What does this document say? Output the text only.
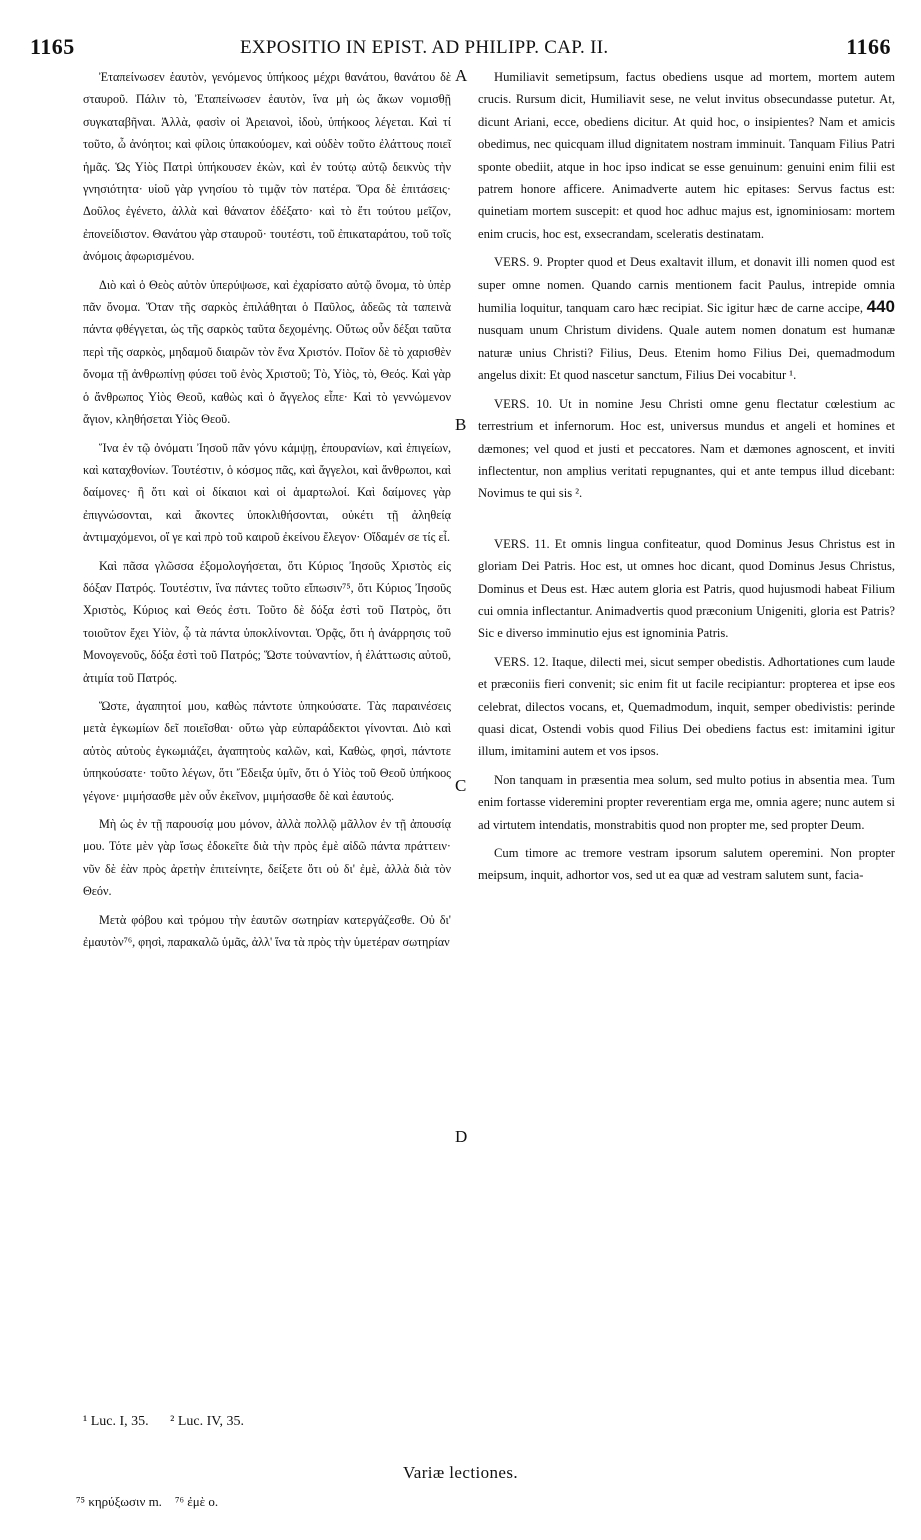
1165	EXPOSITIO IN EPIST. AD PHILIPP. CAP. II.	1166
A
B
C
D

Ἐταπείνωσεν ἑαυτὸν, γενόμενος ὑπήκοος μέχρι θανάτου, θανάτου δὲ σταυροῦ. Πάλιν τὸ, Ἐταπείνωσεν ἑαυτὸν, ἵνα μὴ ὡς ἄκων νομισθῇ συγκαταβῆναι. Ἀλλὰ, φασὶν οἱ Ἀρειανοὶ, ἰδοὺ, ὑπήκοος λέγεται. Καὶ τί τοῦτο, ὦ ἀνόητοι; καὶ φίλοις ὑπακούομεν, καὶ οὐδὲν τοῦτο ἐλάττους ποιεῖ ἡμᾶς. Ὡς Υἱὸς Πατρὶ ὑπήκουσεν ἑκὼν, καὶ ἐν τούτῳ αὐτῷ δεικνὺς τὴν γνησιότητα· υἱοῦ γὰρ γνησίου τὸ τιμᾷν τὸν πατέρα. Ὅρα δὲ ἐπιτάσεις· Δοῦλος ἐγένετο, ἀλλὰ καὶ θάνατον ἐδέξατο· καὶ τὸ ἔτι τούτου μεῖζον, ἐπονείδιστον. Θανάτου γὰρ σταυροῦ· τουτέστι, τοῦ ἐπικαταράτου, τοῦ τοῖς ἀνόμοις ἀφωρισμένου.

Διὸ καὶ ὁ Θεὸς αὐτὸν ὑπερύψωσε, καὶ ἐχαρίσατο αὐτῷ ὄνομα, τὸ ὑπὲρ πᾶν ὄνομα. Ὅταν τῆς σαρκὸς ἐπιλάθηται ὁ Παῦλος, ἀδεῶς τὰ ταπεινὰ πάντα φθέγγεται, ὡς τῆς σαρκὸς ταῦτα δεχομένης. Οὕτως οὖν δέξαι ταῦτα περὶ τῆς σαρκὸς, μηδαμοῦ διαιρῶν τὸν ἕνα Χριστόν. Ποῖον δὲ τὸ χαρισθὲν ὄνομα τῇ ἀνθρωπίνῃ φύσει τοῦ ἑνὸς Χριστοῦ; Τὸ, Υἱὸς, τὸ, Θεός. Καὶ γὰρ ὁ ἄνθρωπος Υἱὸς Θεοῦ, καθὼς καὶ ὁ ἄγγελος εἶπε· Καὶ τὸ γεννώμενον ἅγιον, κληθήσεται Υἱὸς Θεοῦ.

Ἵνα ἐν τῷ ὀνόματι Ἰησοῦ πᾶν γόνυ κάμψῃ, ἐπουρανίων, καὶ ἐπιγείων, καὶ καταχθονίων. Τουτέστιν, ὁ κόσμος πᾶς, καὶ ἄγγελοι, καὶ ἄνθρωποι, καὶ δαίμονες· ἢ ὅτι καὶ οἱ δίκαιοι καὶ οἱ ἁμαρτωλοί. Καὶ δαίμονες γὰρ ἐπιγνώσονται, καὶ ἄκοντες ὑποκλιθήσονται, οὐκέτι τῇ ἀληθείᾳ ἀντιμαχόμενοι, οἵ γε καὶ πρὸ τοῦ καιροῦ ἐκείνου ἔλεγον· Οἴδαμέν σε τίς εἶ.

Καὶ πᾶσα γλῶσσα ἐξομολογήσεται, ὅτι Κύριος Ἰησοῦς Χριστὸς εἰς δόξαν Πατρός. Τουτέστιν, ἵνα πάντες τοῦτο εἴπωσιν⁷⁵, ὅτι Κύριος Ἰησοῦς Χριστὸς, Κύριος καὶ Θεός ἐστι. Τοῦτο δὲ δόξα ἐστὶ τοῦ Πατρὸς, ὅτι τοιοῦτον ἔχει Υἱὸν, ᾧ τὰ πάντα ὑποκλίνονται. Ὁρᾷς, ὅτι ἡ ἀνάρρησις τοῦ Μονογενοῦς, δόξα ἐστὶ τοῦ Πατρός; Ὥστε τοὐναντίον, ἡ ἐλάττωσις αὐτοῦ, ἀτιμία τοῦ Πατρός.

Ὥστε, ἀγαπητοί μου, καθὼς πάντοτε ὑπηκούσατε. Τὰς παραινέσεις μετὰ ἐγκωμίων δεῖ ποιεῖσθαι· οὕτω γὰρ εὐπαράδεκτοι γίνονται. Διὸ καὶ αὐτὸς αὐτοὺς ἐγκωμιάζει, ἀγαπητοὺς καλῶν, καὶ, Καθὼς, φησὶ, πάντοτε ὑπηκούσατε· τοῦτο λέγων, ὅτι Ἔδειξα ὑμῖν, ὅτι ὁ Υἱὸς τοῦ Θεοῦ ὑπήκοος γέγονε· μιμήσασθε μὲν οὖν ἐκεῖνον, μιμήσασθε δὲ καὶ ἑαυτούς.

Μὴ ὡς ἐν τῇ παρουσίᾳ μου μόνον, ἀλλὰ πολλῷ μᾶλλον ἐν τῇ ἀπουσίᾳ μου. Τότε μὲν γὰρ ἴσως ἐδοκεῖτε διὰ τὴν πρὸς ἐμὲ αἰδῶ πάντα πράττειν· νῦν δὲ ἐὰν πρὸς ἀρετὴν ἐπιτείνητε, δείξετε ὅτι οὐ δι' ἐμὲ, ἀλλὰ διὰ τὸν Θεόν.

Μετὰ φόβου καὶ τρόμου τὴν ἑαυτῶν σωτηρίαν κατεργάζεσθε. Οὐ δι' ἐμαυτὸν⁷⁶, φησὶ, παρακαλῶ ὑμᾶς, ἀλλ' ἵνα τὰ πρὸς τὴν ὑμετέραν σωτηρίαν

Humiliavit semetipsum, factus obediens usque ad mortem, mortem autem crucis. Rursum dicit, Humiliavit sese, ne velut invitus obsecundasse putetur. At, dicunt Ariani, ecce, obediens dicitur. At quid hoc, o insipientes? Nam et amicis obedimus, nec quicquam illud dignitatem nostram imminuit. Tanquam Filius Patri sponte obediit, atque in hoc ipso indicat se esse genuinum: genuini enim filii est patrem honore afficere. Animadverte autem hic epitases: Servus factus est: quinetiam mortem suscepit: et quod hoc adhuc majus est, ignominiosam: mortem enim crucis, hoc est, exsecrandam, sceleratis destinatam.

VERS. 9. Propter quod et Deus exaltavit illum, et donavit illi nomen quod est super omne nomen. Quando carnis mentionem facit Paulus, intrepide omnia humilia loquitur, tanquam caro hæc recipiat. Sic igitur hæc de carne accipe, 440 nusquam unum Christum dividens. Quale autem nomen donatum est humanæ naturæ unius Christi? Filius, Deus. Etenim homo Filius Dei, quemadmodum angelus dixit: Et quod nascetur sanctum, Filius Dei vocabitur ¹.

VERS. 10. Ut in nomine Jesu Christi omne genu flectatur cœlestium ac terrestrium et infernorum. Hoc est, universus mundus et angeli et homines et dæmones; vel quod et justi et peccatores. Nam et dæmones agnoscent, et inviti inflectentur, non amplius veritati repugnantes, qui et ante tempus illud dicebant: Novimus te qui sis ².

VERS. 11. Et omnis lingua confiteatur, quod Dominus Jesus Christus est in gloriam Dei Patris. Hoc est, ut omnes hoc dicant, quod Dominus Jesus Christus, Dominus et Deus est. Hæc autem gloria est Patris, quod hujusmodi habeat Filium cui omnia inflectantur. Animadvertis quod præconium Unigeniti, gloria est Patris? Sic e diverso imminutio ejus est ignominia Patris.

VERS. 12. Itaque, dilecti mei, sicut semper obedistis. Adhortationes cum laude et præconiis fieri convenit; sic enim fit ut facile recipiantur: propterea et ipse eos celebrat, dilectos vocans, et, Quemadmodum, inquit, semper obedivistis: perinde quasi dicat, Ostendi vobis quod Filius Dei obediens factus est: imitamini igitur illum, imitamini autem et vos ipsos.

Non tanquam in præsentia mea solum, sed multo potius in absentia mea. Tum enim fortasse videremini propter reverentiam erga me, omnia agere; nunc autem si ad virtutem intendatis, monstrabitis quod non propter me, sed propter Deum.

Cum timore ac tremore vestram ipsorum salutem operemini. Non propter meipsum, inquit, adhortor vos, sed ut ea quæ ad vestram salutem sunt, facia-

¹ Luc. I, 35. ² Luc. IV, 35.
Variæ lectiones.
⁷⁵ κηρύξωσιν m. ⁷⁶ ἐμὲ o.
